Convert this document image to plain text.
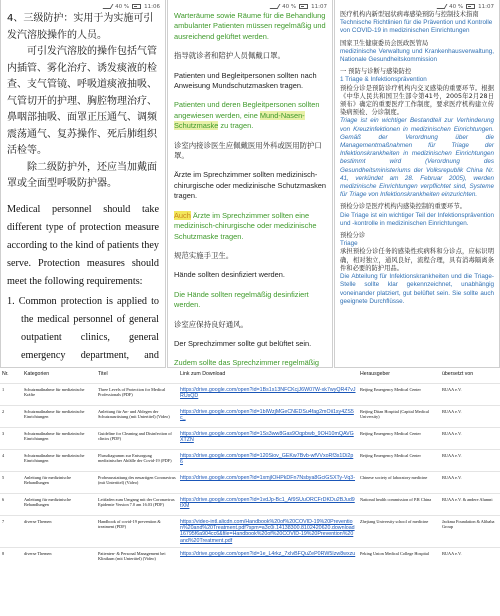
40 %	11:06

4、三级防护：实用于为实施可引发汽溶胶操作的人员。

可引发汽溶胶的操作包括气管内插管、雾化治疗、诱发痰液的检查、支气管镜、呼吸道痰液抽吸、气管切开的护理、胸腔物理治疗、鼻咽部抽吸、面罩正压通气、调频震荡通气、复苏操作、死后肺组织活检等。

除二级防护外，还应当加戴面罩或全面型呼吸防护器。

Medical personnel should take different type of protection measure according to the kind of patients they serve. Protection measures should meet the following requirements:

1. Common protection is applied to the medical personnel of general outpatient clinics, general emergency department, and

40 %	11:07
Warteräume sowie Räume für die Behandlung ambulanter Patienten müssen regelmäßig und ausreichend gelüftet werden.
指导就诊者和陪护人员佩戴口罩。
Patienten und Begleitpersonen sollten nach Anweisung Mundschutzmasken tragen.
Patienten und deren Begleitpersonen sollten angewiesen werden, eine Mund-Nasen-Schutzmaske zu tragen.
诊室内接诊医生应佩戴医用外科或医用防护口罩。
Ärzte im Sprechzimmer sollten medizinisch-chirurgische oder medizinische Schutzmasken tragen.
Auch Ärzte im Sprechzimmer sollten eine medizinisch-chirurgische oder medizinische Schutzmaske tragen.
规范实施手卫生。
Hände sollten desinfiziert werden.
Die Hände sollten regelmäßig desinfiziert werden.
诊室应保持良好通风。
Der Sprechzimmer sollte gut belüftet sein.
Zudem sollte das Sprechzimmer regelmäßig
40 %	11:07
医疗机构内新型冠状病毒感染预防与控制技术指南
Technische Richtlinien für die Prävention und Kontrolle von COVID-19 in medizinischen Einrichtungen
国家卫生健康委员会医政医管局
medizinische Verwaltung und Krankenhausverwaltung, Nationale Gesundheitskommission
一 预防与诊断与感染防控
1 Triage & Infektionsprävention
预检分诊是预防诊疗机构内交叉感染的重要环节。根据《中华人民共和国卫生部令第41号，2005年2月28日颁布》确定的重要医疗工作制度，要求医疗机构建立传染病预检、分诊制度。
Triage ist ein wichtiger Bestandteil zur Verhinderung von Kreuzinfektionen in medizinischen Einrichtungen. Gemäß der Verordnung über die Managementmaßnahmen für Triage der Infektionskrankheiten in medizinischen Einrichtungen bestimmt wird (Verordnung des Gesundheitsministeriums der Volksrepublik China Nr. 41, verkündet am 28. Februar 2005), werden medizinische Einrichtungen verpflichtet sind, Systeme für Triage von Infektionskrankheiten einzurichten.
预检分诊是医疗机构内感染控制的重要环节。
Die Triage ist ein wichtiger Teil der Infektionsprävention und -kontrolle in medizinischen Einrichtungen.
预检分诊
Triage
承担预检分诊任务的感染性疾病科和分诊点，应标识明确，相对独立，通风良好，流程合理，具有消毒隔离条件和必要的防护用品。
Die Abteilung für Infektionskrankheiten und die Triage-Stelle sollte klar gekennzeichnet, unabhängig voneinander platziert, gut belüftet sein. Sie sollte auch geeignete Durchflüsse.
Nr.	Kategorien	Titel	Link zum Download	Herausgeber	übersetzt von
1	Schutzmaßnahme für medizinische Kräfte	Three Levels of Protection for Medical Professionals (PDF)	https://drive.google.com/open?id=1Bs1s13NFCKcjJ6W07W-xk7wyQR47vJRUsQD	Beijing Emergency Medical Center	BUAA e.V.
2	Schutzmaßnahme für medizinische Einrichtungen	Anleitung für An- und Ablegen der Schutzausrüstung (mit Untertitel) (Video)	https://drive.google.com/open?id=1bIWzjMGeCNEDSu4fag2mOii1sy4ZS5c_	Beijing Ditan Hospital (Capital Medical University)	BUAA e.V.
3	Schutzmaßnahme für medizinische Einrichtungen	Guideline for Cleaning and Disinfection of clinics (PDF)	https://drive.google.com/open?id=1Ss3ww8Gas9Oqpbwb_9OH10mQAVGXTZN	Beijing Emergency Medical Center	BUAA e.V.
4	Schutzmaßnahme für medizinische Einrichtungen	Flussdiagramm zur Entsorgung medizinischer Abfälle der Covid-19 (PDF)	https://drive.google.com/open?id=120Siov_GEKw7Bvb-wfVVxoRf3s1Di2p6	Beijing Emergency Medical Center	BUAA e.V.
5	Anleitung für medizinische Behandlungen	Probeausstattung des neuartigen Coronavirus (mit Untertitel) (Video)	https://drive.google.com/open?id=1xmjIOHPkDFn7Nsbya8GciGSXTy-Vq3-	Chinese society of laboratory medicine	BUAA e.V.
6	Anleitung für medizinische Behandlungen	Leitfaden zum Umgang mit der Coronavirus Epidemie Version 7.0 am 16.03 (PDF)	https://drive.google.com/open?id=1vdJp-Bc1_Af9SUuORCFrDKDu2BJud9tXM	National health commission of P.R China	BUAA e.V. & andere Alumni
7	diverse Themen	Handbook of covid-19 prevention & treatment (PDF)	https://video-intl.alicdn.com/Handbook%20of%20COVID-19%20Prevention%20and%20Treatment.pdf?spm=a3c0i.14138300.8102420620.download 16795f6a904cc6&file=Handbook%20of%20COVID-19%20Prevention%20and%20Treatment.pdf	Zhejiang University school of medicine	Jackma Foundation & Alibaba Group
8	diverse Themen	Patienten- & Personal Management bei Klinikum (mit Untertitel) (Video)	https://drive.google.com/open?id=1e_L4rkz_7xIvBFQuZeP0RW5Izw8wxzu	Peking Union Medical College Hospital	BUAA e.V.
